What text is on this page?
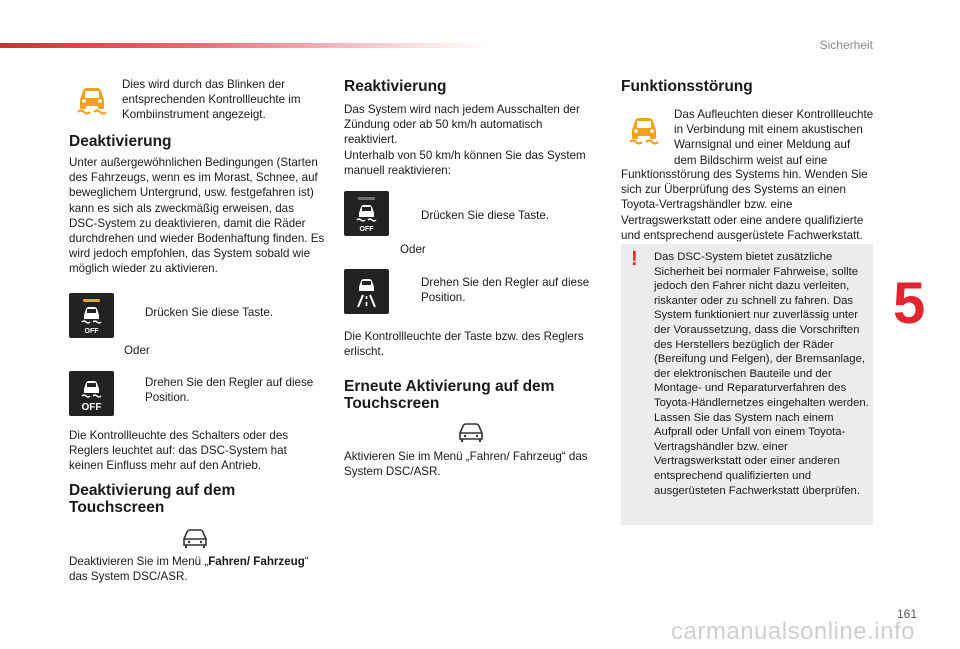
Sicherheit
5
Dies wird durch das Blinken der entsprechenden Kontrollleuchte im Kombiinstrument angezeigt.
Deaktivierung
Unter außergewöhnlichen Bedingungen (Starten des Fahrzeugs, wenn es im Morast, Schnee, auf beweglichem Untergrund, usw. festgefahren ist) kann es sich als zweckmäßig erweisen, das DSC-System zu deaktivieren, damit die Räder durchdrehen und wieder Bodenhaftung finden. Es wird jedoch empfohlen, das System sobald wie möglich wieder zu aktivieren.
OFF
Drücken Sie diese Taste.
Oder
OFF
Drehen Sie den Regler auf diese Position.
Die Kontrollleuchte des Schalters oder des Reglers leuchtet auf: das DSC-System hat keinen Einfluss mehr auf den Antrieb.
Deaktivierung auf dem
Touchscreen
Deaktivieren Sie im Menü „Fahren/ Fahrzeug“ das System DSC/ASR.
Reaktivierung
Das System wird nach jedem Ausschalten der Zündung oder ab 50 km/h automatisch reaktiviert.
Unterhalb von 50 km/h können Sie das System manuell reaktivieren:
OFF
Drücken Sie diese Taste.
Oder
Drehen Sie den Regler auf diese Position.
Die Kontrollleuchte der Taste bzw. des Reglers erlischt.
Erneute Aktivierung auf dem
Touchscreen
Aktivieren Sie im Menü „Fahren/ Fahrzeug“ das System DSC/ASR.
Funktionsstörung
Das Aufleuchten dieser Kontrollleuchte in Verbindung mit einem akustischen Warnsignal und einer Meldung auf dem Bildschirm weist auf eine
Funktionsstörung des Systems hin. Wenden Sie sich zur Überprüfung des Systems an einen Toyota-Vertragshändler bzw. eine Vertragswerkstatt oder eine andere qualifizierte und entsprechend ausgerüstete Fachwerkstatt.
! Das DSC-System bietet zusätzliche Sicherheit bei normaler Fahrweise, sollte jedoch den Fahrer nicht dazu verleiten, riskanter oder zu schnell zu fahren. Das System funktioniert nur zuverlässig unter der Voraussetzung, dass die Vorschriften des Herstellers bezüglich der Räder (Bereifung und Felgen), der Bremsanlage, der elektronischen Bauteile und der Montage- und Reparaturverfahren des Toyota-Händlernetzes eingehalten werden. Lassen Sie das System nach einem Aufprall oder Unfall von einem Toyota-Vertragshändler bzw. einer Vertragswerkstatt oder einer anderen entsprechend qualifizierten und ausgerüsteten Fachwerkstatt überprüfen.
161
carmanualsonline.info
